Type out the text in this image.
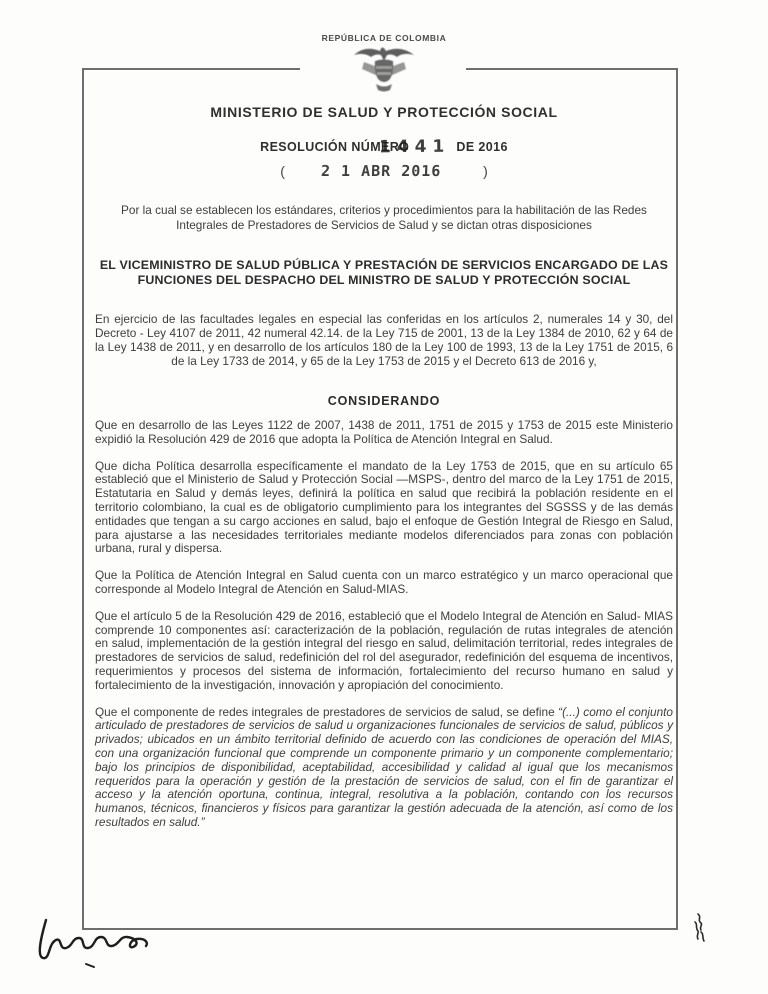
REPÚBLICA DE COLOMBIA
MINISTERIO DE SALUD Y PROTECCIÓN SOCIAL
RESOLUCIÓN NÚMERO 1441 DE 2016
( 2 1 ABR 2016	)
Por la cual se establecen los estándares, criterios y procedimientos para la habilitación de las Redes Integrales de Prestadores de Servicios de Salud y se dictan otras disposiciones
EL VICEMINISTRO DE SALUD PÚBLICA Y PRESTACIÓN DE SERVICIOS ENCARGADO DE LAS FUNCIONES DEL DESPACHO DEL MINISTRO DE SALUD Y PROTECCIÓN SOCIAL
En ejercicio de las facultades legales en especial las conferidas en los artículos 2, numerales 14 y 30, del Decreto - Ley 4107 de 2011, 42 numeral 42.14. de la Ley 715 de 2001, 13 de la Ley 1384 de 2010, 62 y 64 de la Ley 1438 de 2011, y en desarrollo de los artículos 180 de la Ley 100 de 1993, 13 de la Ley 1751 de 2015, 6 de la Ley 1733 de 2014, y 65 de la Ley 1753 de 2015 y el Decreto 613 de 2016 y,
CONSIDERANDO

Que en desarrollo de las Leyes 1122 de 2007, 1438 de 2011, 1751 de 2015 y 1753 de 2015 este Ministerio expidió la Resolución 429 de 2016 que adopta la Política de Atención Integral en Salud.

Que dicha Política desarrolla específicamente el mandato de la Ley 1753 de 2015, que en su artículo 65 estableció que el Ministerio de Salud y Protección Social —MSPS-, dentro del marco de la Ley 1751 de 2015, Estatutaria en Salud y demás leyes, definirá la política en salud que recibirá la población residente en el territorio colombiano, la cual es de obligatorio cumplimiento para los integrantes del SGSSS y de las demás entidades que tengan a su cargo acciones en salud, bajo el enfoque de Gestión Integral de Riesgo en Salud, para ajustarse a las necesidades territoriales mediante modelos diferenciados para zonas con población urbana, rural y dispersa.

Que la Política de Atención Integral en Salud cuenta con un marco estratégico y un marco operacional que corresponde al Modelo Integral de Atención en Salud-MIAS.

Que el artículo 5 de la Resolución 429 de 2016, estableció que el Modelo Integral de Atención en Salud- MIAS comprende 10 componentes así: caracterización de la población, regulación de rutas integrales de atención en salud, implementación de la gestión integral del riesgo en salud, delimitación territorial, redes integrales de prestadores de servicios de salud, redefinición del rol del asegurador, redefinición del esquema de incentivos, requerimientos y procesos del sistema de información, fortalecimiento del recurso humano en salud y fortalecimiento de la investigación, innovación y apropiación del conocimiento.

Que el componente de redes integrales de prestadores de servicios de salud, se define “(...) como el conjunto articulado de prestadores de servicios de salud u organizaciones funcionales de servicios de salud, públicos y privados; ubicados en un ámbito territorial definido de acuerdo con las condiciones de operación del MIAS, con una organización funcional que comprende un componente primario y un componente complementario; bajo los principios de disponibilidad, aceptabilidad, accesibilidad y calidad al igual que los mecanismos requeridos para la operación y gestión de la prestación de servicios de salud, con el fin de garantizar el acceso y la atención oportuna, continua, integral, resolutiva a la población, contando con los recursos humanos, técnicos, financieros y físicos para garantizar la gestión adecuada de la atención, así como de los resultados en salud.”
